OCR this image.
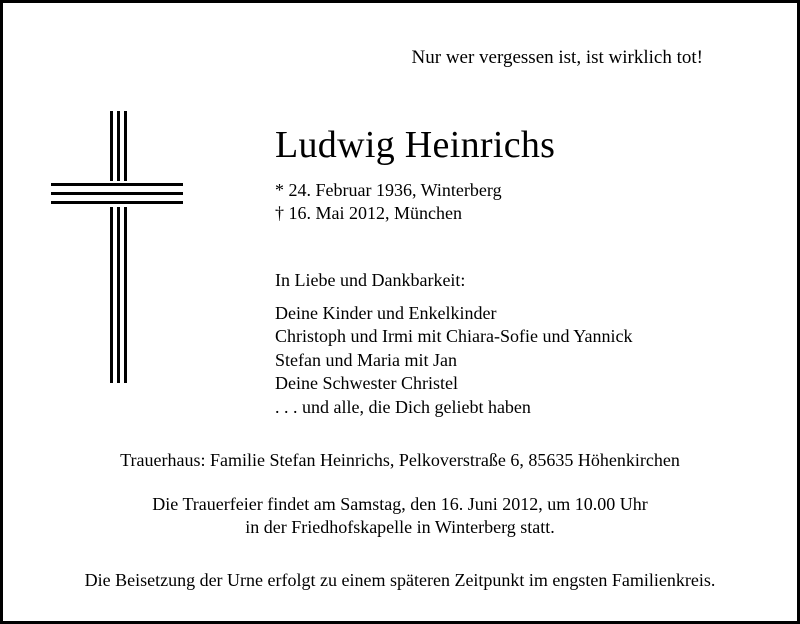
Nur wer vergessen ist, ist wirklich tot!
Ludwig Heinrichs
* 24. Februar 1936, Winterberg
† 16. Mai 2012, München
In Liebe und Dankbarkeit:
Deine Kinder und Enkelkinder
Christoph und Irmi mit Chiara-Sofie und Yannick
Stefan und Maria mit Jan
Deine Schwester Christel
. . . und alle, die Dich geliebt haben
Trauerhaus: Familie Stefan Heinrichs, Pelkoverstraße 6, 85635 Höhenkirchen
Die Trauerfeier findet am Samstag, den 16. Juni 2012, um 10.00 Uhr
in der Friedhofskapelle in Winterberg statt.
Die Beisetzung der Urne erfolgt zu einem späteren Zeitpunkt im engsten Familienkreis.
